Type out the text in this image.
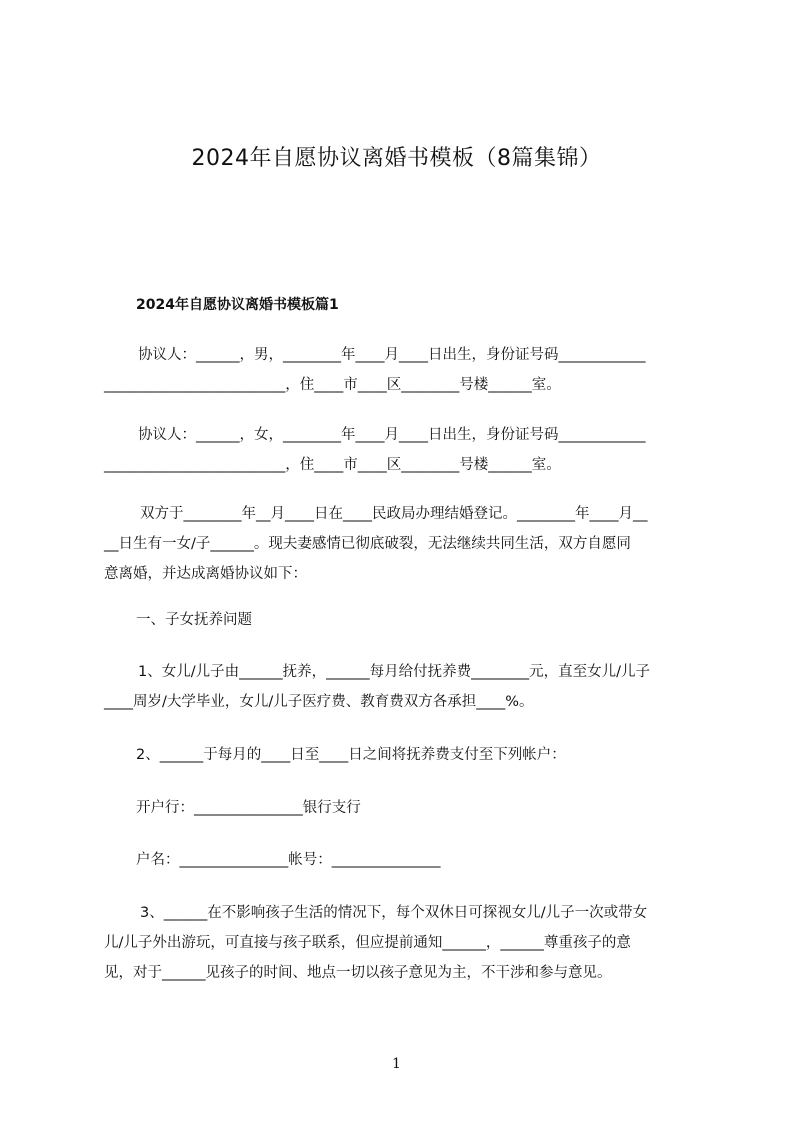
2024年自愿协议离婚书模板（8篇集锦）
2024年自愿协议离婚书模板篇1
协议人：______，男，________年____月____日出生，身份证号码____________
_________________________，住____市____区________号楼______室。
协议人：______，女，________年____月____日出生，身份证号码____________
_________________________，住____市____区________号楼______室。
双方于________年__月____日在____民政局办理结婚登记。________年____月__
__日生有一女/子______。现夫妻感情已彻底破裂，无法继续共同生活，双方自愿同
意离婚，并达成离婚协议如下：
一、子女抚养问题
1、女儿/儿子由______抚养，______每月给付抚养费________元，直至女儿/儿子
____周岁/大学毕业，女儿/儿子医疗费、教育费双方各承担____%。
2、______于每月的____日至____日之间将抚养费支付至下列帐户：
开户行：_______________银行支行
户名：_______________帐号：_______________
3、______在不影响孩子生活的情况下，每个双休日可探视女儿/儿子一次或带女
儿/儿子外出游玩，可直接与孩子联系，但应提前通知______，______尊重孩子的意
见，对于______见孩子的时间、地点一切以孩子意见为主，不干涉和参与意见。
1
